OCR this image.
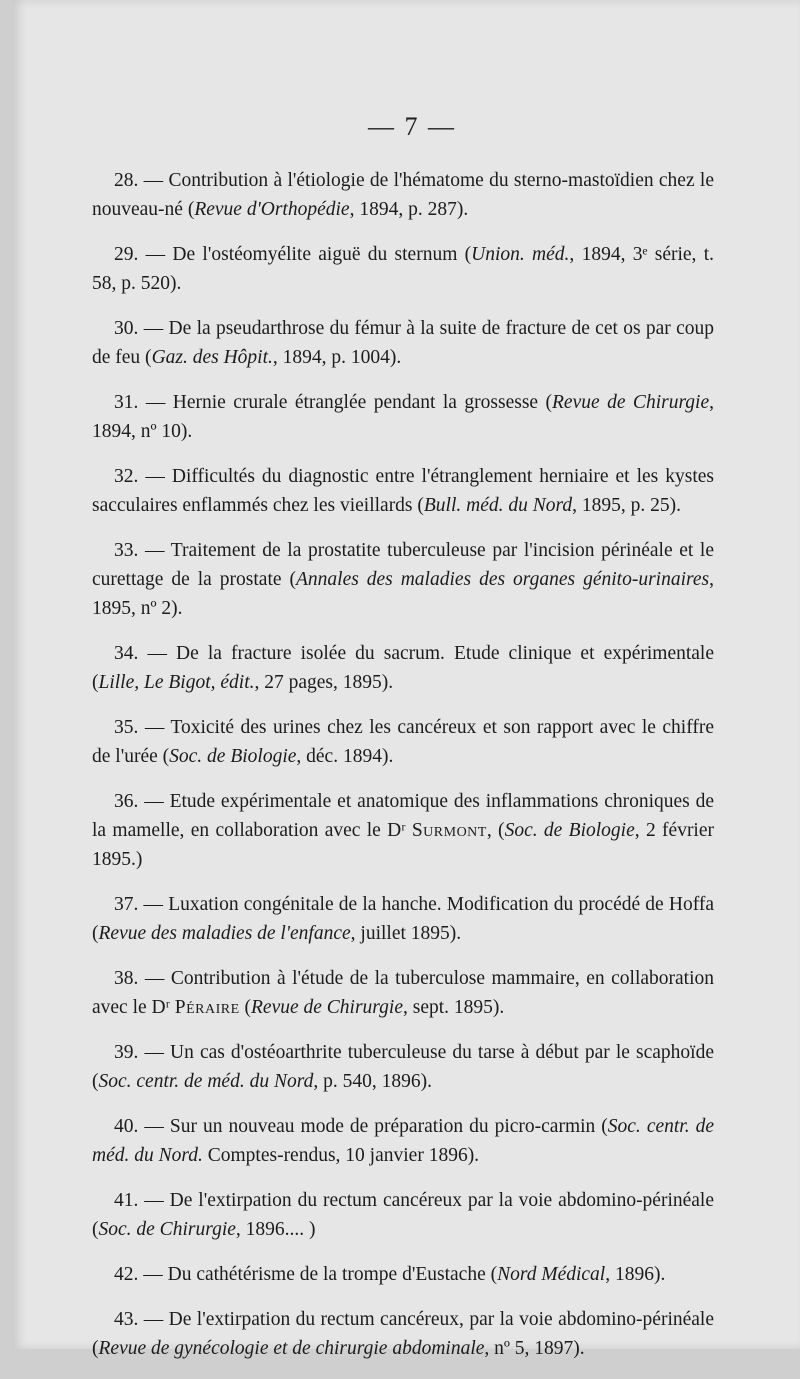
— 7 —

28. — Contribution à l'étiologie de l'hématome du sterno-mastoïdien chez le nouveau-né (Revue d'Orthopédie, 1894, p. 287).

29. — De l'ostéomyélite aiguë du sternum (Union. méd., 1894, 3ᵉ série, t. 58, p. 520).

30. — De la pseudarthrose du fémur à la suite de fracture de cet os par coup de feu (Gaz. des Hôpit., 1894, p. 1004).

31. — Hernie crurale étranglée pendant la grossesse (Revue de Chirurgie, 1894, nº 10).

32. — Difficultés du diagnostic entre l'étranglement herniaire et les kystes sacculaires enflammés chez les vieillards (Bull. méd. du Nord, 1895, p. 25).

33. — Traitement de la prostatite tuberculeuse par l'incision périnéale et le curettage de la prostate (Annales des maladies des organes génito-urinaires, 1895, nº 2).

34. — De la fracture isolée du sacrum. Etude clinique et expérimentale (Lille, Le Bigot, édit., 27 pages, 1895).

35. — Toxicité des urines chez les cancéreux et son rapport avec le chiffre de l'urée (Soc. de Biologie, déc. 1894).

36. — Etude expérimentale et anatomique des inflammations chroniques de la mamelle, en collaboration avec le Dʳ Surmont, (Soc. de Biologie, 2 février 1895.)

37. — Luxation congénitale de la hanche. Modification du procédé de Hoffa (Revue des maladies de l'enfance, juillet 1895).

38. — Contribution à l'étude de la tuberculose mammaire, en collaboration avec le Dʳ Péraire (Revue de Chirurgie, sept. 1895).

39. — Un cas d'ostéoarthrite tuberculeuse du tarse à début par le scaphoïde (Soc. centr. de méd. du Nord, p. 540, 1896).

40. — Sur un nouveau mode de préparation du picro-carmin (Soc. centr. de méd. du Nord. Comptes-rendus, 10 janvier 1896).

41. — De l'extirpation du rectum cancéreux par la voie abdomino-périnéale (Soc. de Chirurgie, 1896.... )

42. — Du cathétérisme de la trompe d'Eustache (Nord Médical, 1896).

43. — De l'extirpation du rectum cancéreux, par la voie abdomino-périnéale (Revue de gynécologie et de chirurgie abdominale, nº 5, 1897).
